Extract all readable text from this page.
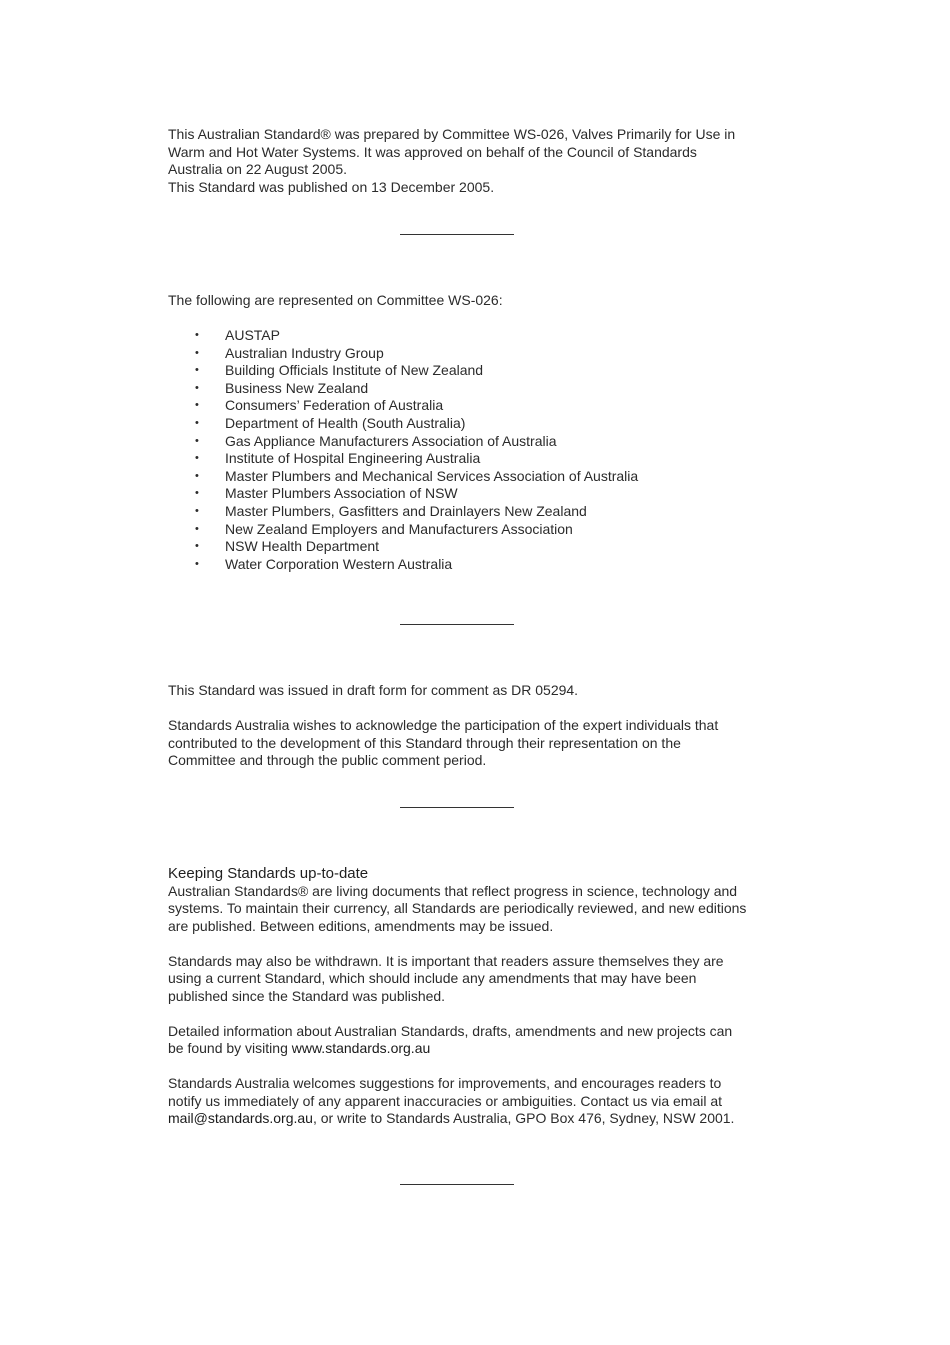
This Australian Standard® was prepared by Committee WS-026, Valves Primarily for Use in

Warm and Hot Water Systems. It was approved on behalf of the Council of Standards

Australia on 22 August 2005.

This Standard was published on 13 December 2005.

The following are represented on Committee WS-026:

• AUSTAP
• Australian Industry Group
• Building Officials Institute of New Zealand
• Business New Zealand
• Consumers’ Federation of Australia
• Department of Health (South Australia)
• Gas Appliance Manufacturers Association of Australia
• Institute of Hospital Engineering Australia
• Master Plumbers and Mechanical Services Association of Australia
• Master Plumbers Association of NSW
• Master Plumbers, Gasfitters and Drainlayers New Zealand
• New Zealand Employers and Manufacturers Association
• NSW Health Department
• Water Corporation Western Australia

This Standard was issued in draft form for comment as DR 05294.

Standards Australia wishes to acknowledge the participation of the expert individuals that

contributed to the development of this Standard through their representation on the

Committee and through the public comment period.

Keeping Standards up-to-date

Australian Standards® are living documents that reflect progress in science, technology and

systems. To maintain their currency, all Standards are periodically reviewed, and new editions

are published. Between editions, amendments may be issued.

Standards may also be withdrawn. It is important that readers assure themselves they are

using a current Standard, which should include any amendments that may have been

published since the Standard was published.

Detailed information about Australian Standards, drafts, amendments and new projects can

be found by visiting www.standards.org.au

Standards Australia welcomes suggestions for improvements, and encourages readers to

notify us immediately of any apparent inaccuracies or ambiguities. Contact us via email at

mail@standards.org.au, or write to Standards Australia, GPO Box 476, Sydney, NSW 2001.
